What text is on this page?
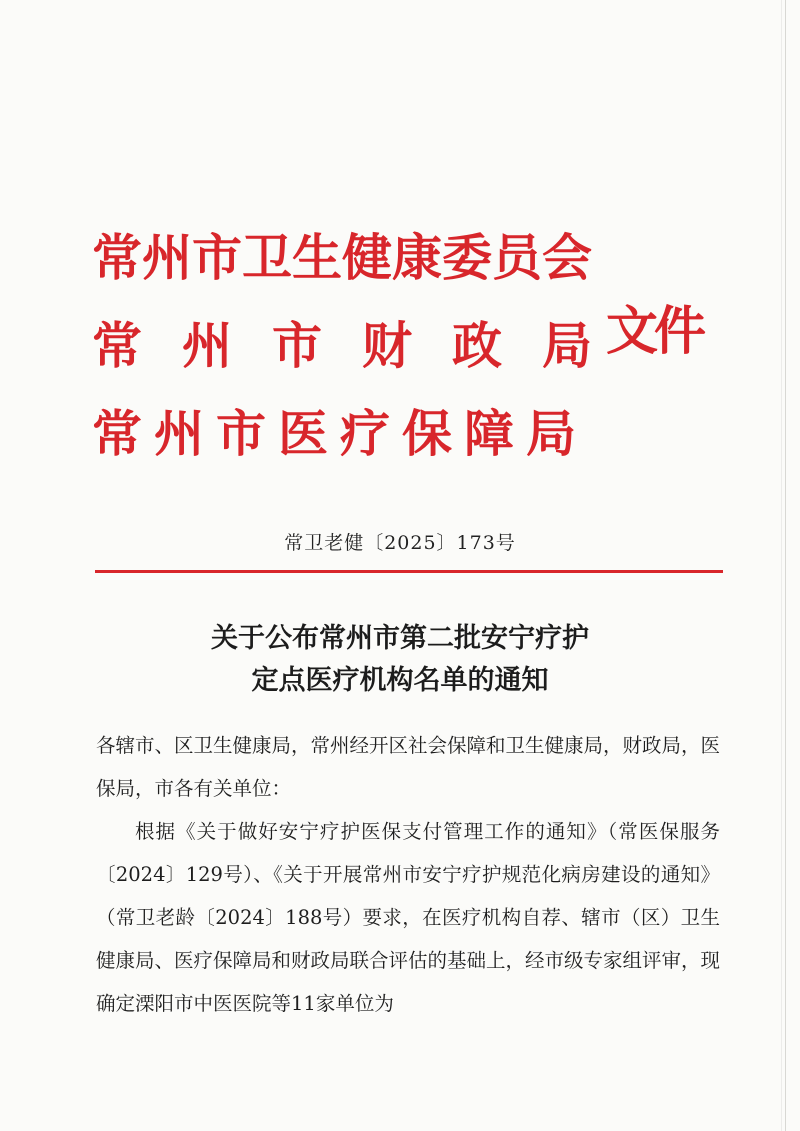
常州市卫生健康委员会
常州市财政局
常州市医疗保障局
文件
常卫老健〔2025〕173号
关于公布常州市第二批安宁疗护
定点医疗机构名单的通知

各辖市、区卫生健康局，常州经开区社会保障和卫生健康局，财政局，医保局，市各有关单位：

根据《关于做好安宁疗护医保支付管理工作的通知》（常医保服务〔2024〕129号）、《关于开展常州市安宁疗护规范化病房建设的通知》（常卫老龄〔2024〕188号）要求，在医疗机构自荐、辖市（区）卫生健康局、医疗保障局和财政局联合评估的基础上，经市级专家组评审，现确定溧阳市中医医院等11家单位为
